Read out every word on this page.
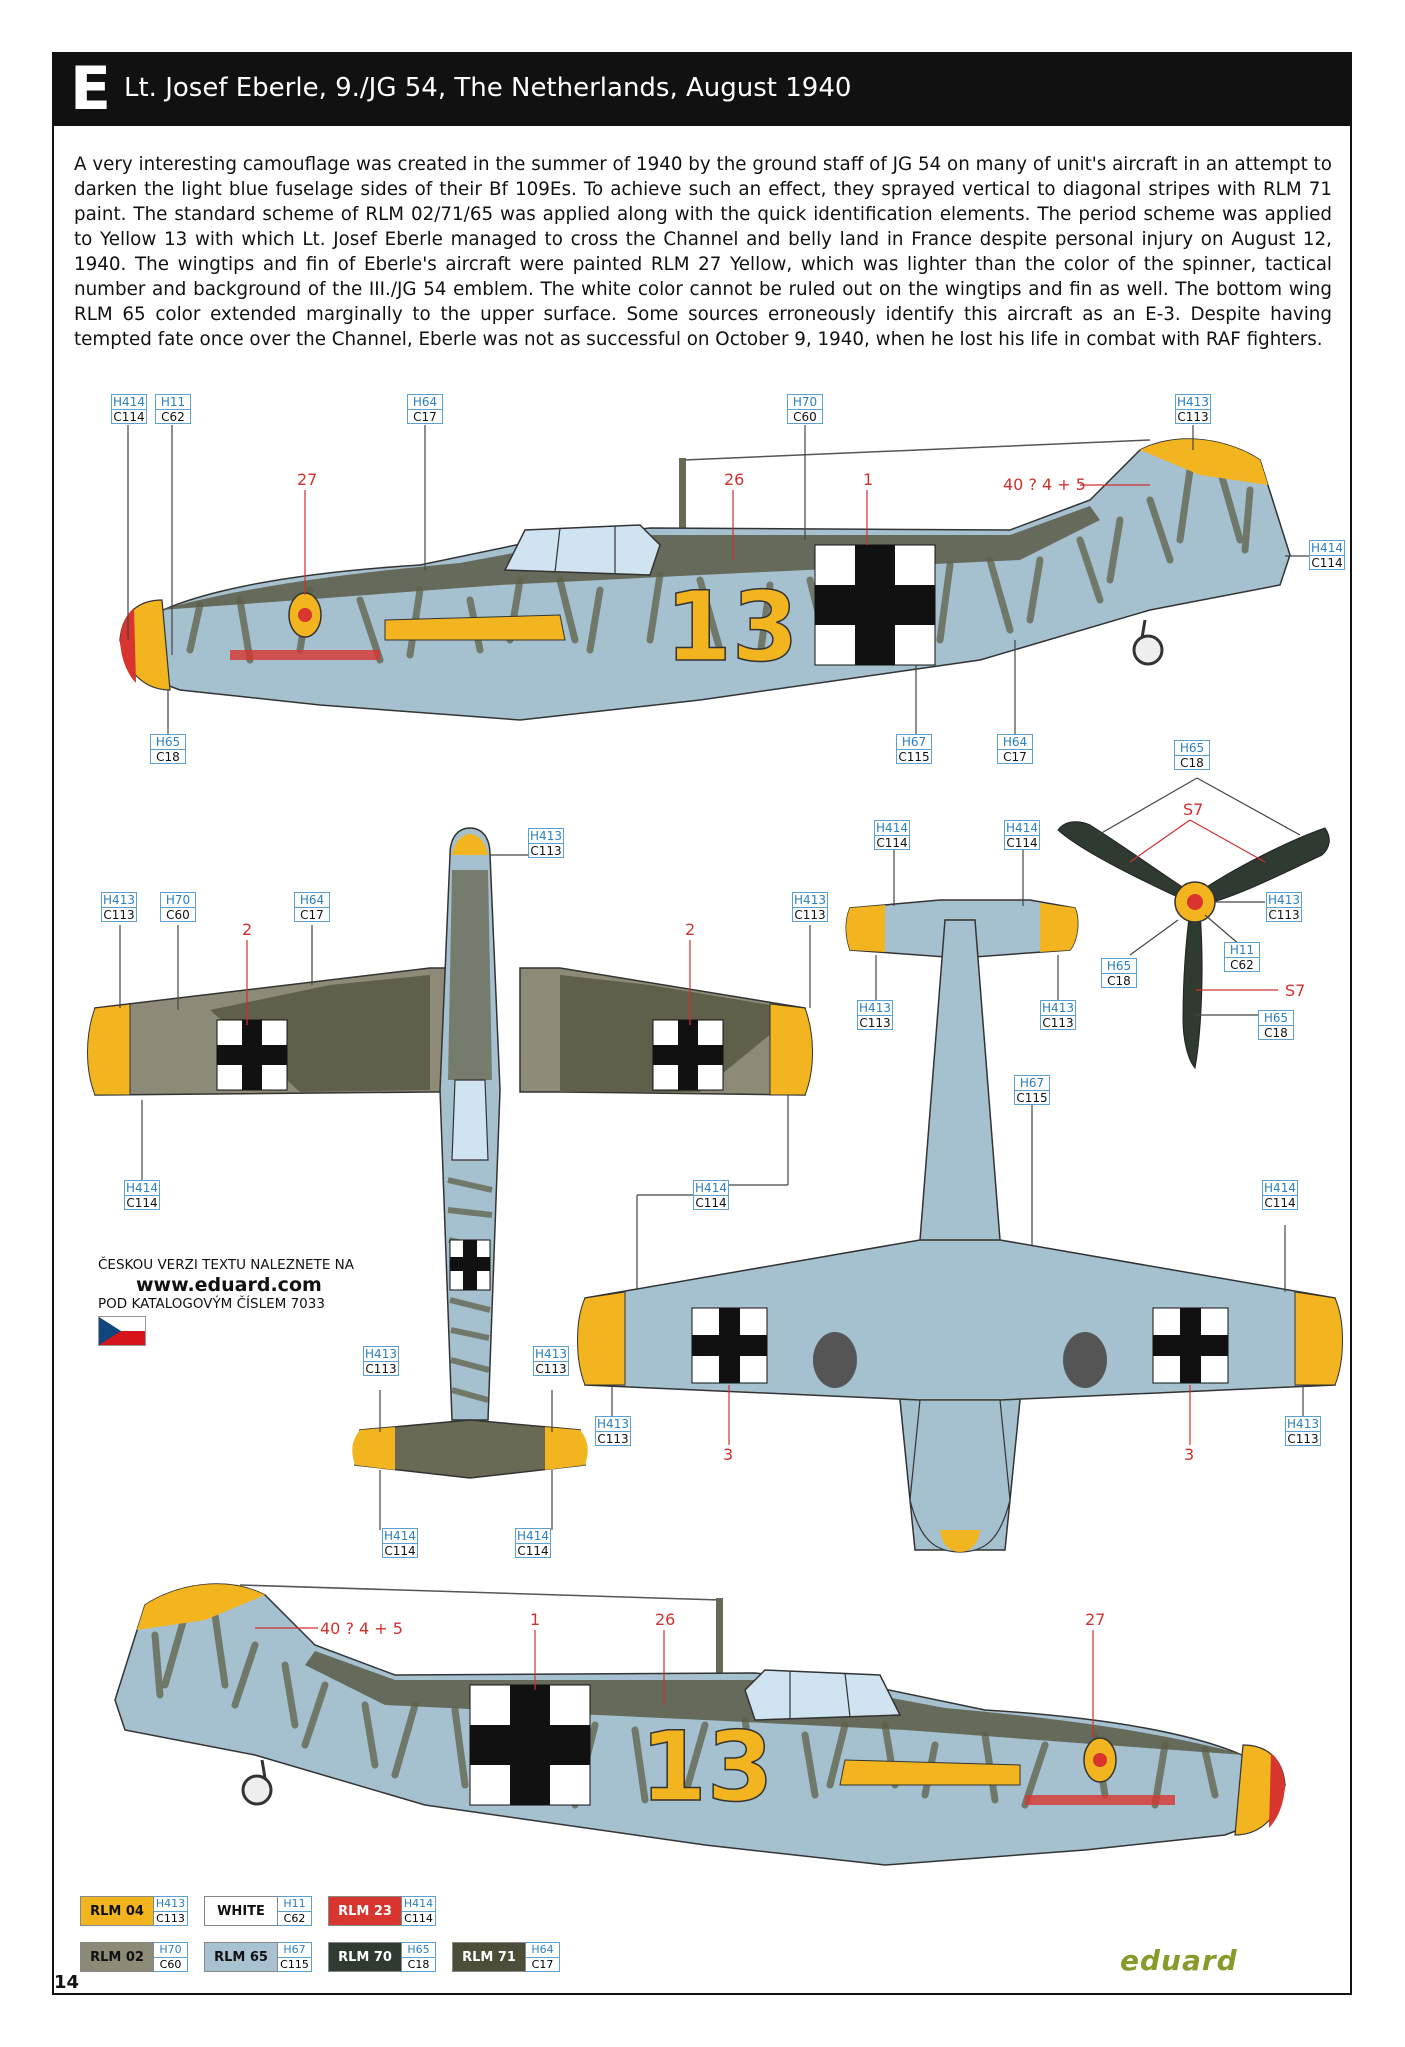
E Lt. Josef Eberle, 9./JG 54, The Netherlands, August 1940
A very interesting camouflage was created in the summer of 1940 by the ground staff of JG 54 on many of unit's aircraft in an attempt to darken the light blue fuselage sides of their Bf 109Es. To achieve such an effect, they sprayed vertical to diagonal stripes with RLM 71 paint. The standard scheme of RLM 02/71/65 was applied along with the quick identification elements. The period scheme was applied to Yellow 13 with which Lt. Josef Eberle managed to cross the Channel and belly land in France despite personal injury on August 12, 1940. The wingtips and fin of Eberle's aircraft were painted RLM 27 Yellow, which was lighter than the color of the spinner, tactical number and background of the III./JG 54 emblem. The white color cannot be ruled out on the wingtips and fin as well. The bottom wing RLM 65 color extended marginally to the upper surface. Some sources erroneously identify this aircraft as an E-3. Despite having tempted fate once over the Channel, Eberle was not as successful on October 9, 1940, when he lost his life in combat with RAF fighters.
13
27	26	1	40 ? 4 + 5
2	2
3	3
S7
S7
13
27
26
1
40 ? 4 + 5
H414
C114
H11
C62
H64
C17
H70
C60
H413
C113
H414
C114
H65
C18
H67
C115
H64
C17
H65
C18
H413
C113
H414
C114
H414
C114
H413
C113
H70
C60
H64
C17
H413
C113
H413
C113
H11
C62
H65
C18
H413
C113
H413
C113	H65
C18
H67
C115
H414
C114
H414
C114
H414
C114
H413
C113
H413
C113
H413
C113
H413
C113
H414
C114
H414
C114
ČESKOU VERZI TEXTU NALEZNETE NA
www.eduard.com
POD KATALOGOVÝM ČÍSLEM 7033
RLM 04
H413
C113	WHITE
H11
C62	RLM 23
H414
C114
RLM 02
H70
C60	RLM 65
H67
C115	RLM 70
H65
C18	RLM 71
H64
C17
14
eduard
